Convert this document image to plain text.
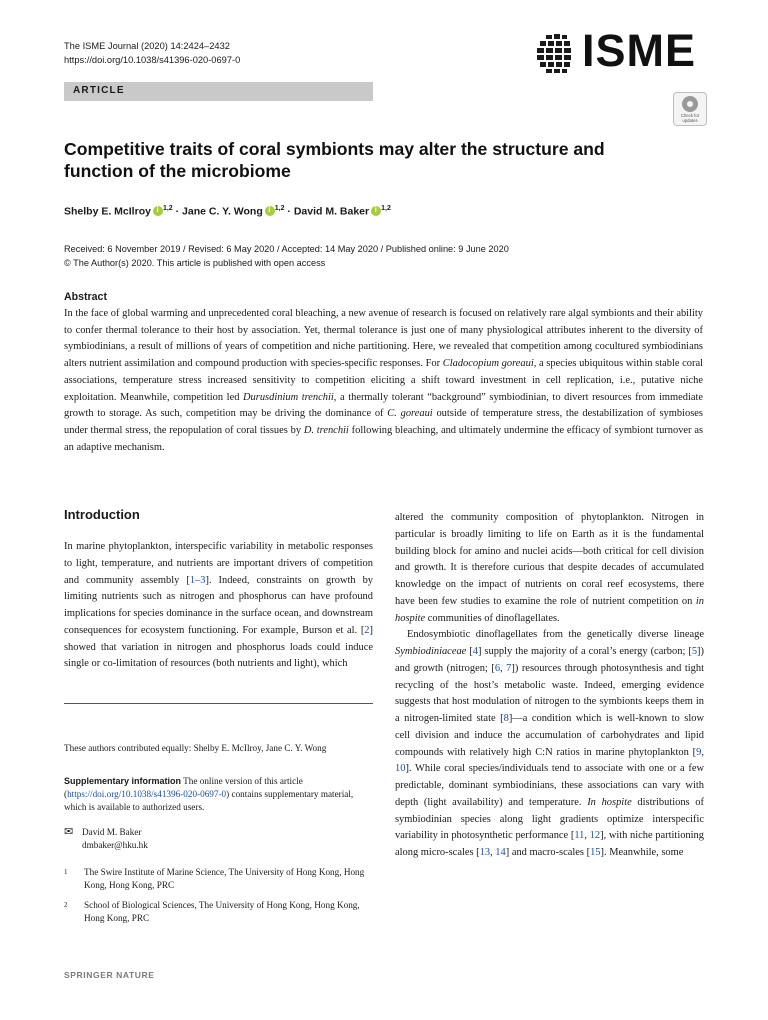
The ISME Journal (2020) 14:2424–2432
https://doi.org/10.1038/s41396-020-0697-0
ARTICLE
ISME
Check for updates
Competitive traits of coral symbionts may alter the structure and function of the microbiome
Shelby E. McIlroy i $^{1,2}$ · Jane C. Y. Wong i $^{1,2}$ · David M. Baker i $^{1,2}$
Received: 6 November 2019 / Revised: 6 May 2020 / Accepted: 14 May 2020 / Published online: 9 June 2020
© The Author(s) 2020. This article is published with open access
Abstract

In the face of global warming and unprecedented coral bleaching, a new avenue of research is focused on relatively rare algal symbionts and their ability to confer thermal tolerance to their host by association. Yet, thermal tolerance is just one of many physiological attributes inherent to the diversity of symbiodinians, a result of millions of years of competition and niche partitioning. Here, we revealed that competition among cocultured symbiodinians alters nutrient assimilation and compound production with species-specific responses. For Cladocopium goreaui, a species ubiquitous within stable coral associations, temperature stress increased sensitivity to competition eliciting a shift toward investment in cell replication, i.e., putative niche exploitation. Meanwhile, competition led Durusdinium trenchii, a thermally tolerant “background” symbiodinian, to divert resources from immediate growth to storage. As such, competition may be driving the dominance of C. goreaui outside of temperature stress, the destabilization of symbioses under thermal stress, the repopulation of coral tissues by D. trenchii following bleaching, and ultimately undermine the efficacy of symbiont turnover as an adaptive mechanism.

Introduction

In marine phytoplankton, interspecific variability in metabolic responses to light, temperature, and nutrients are important drivers of competition and community assembly [1–3]. Indeed, constraints on growth by limiting nutrients such as nitrogen and phosphorus can have profound implications for species dominance in the surface ocean, and downstream consequences for ecosystem functioning. For example, Burson et al. [2] showed that variation in nitrogen and phosphorus loads could induce single or co-limitation of resources (both nutrients and light), which

These authors contributed equally: Shelby E. McIlroy, Jane C. Y. Wong
Supplementary information The online version of this article (https://doi.org/10.1038/s41396-020-0697-0) contains supplementary material, which is available to authorized users.
✉ David M. Baker
dmbaker@hku.hk
1	The Swire Institute of Marine Science, The University of Hong Kong, Hong Kong, Hong Kong, PRC
2	School of Biological Sciences, The University of Hong Kong, Hong Kong, Hong Kong, PRC

altered the community composition of phytoplankton. Nitrogen in particular is broadly limiting to life on Earth as it is the fundamental building block for amino and nuclei acids—both critical for cell division and growth. It is therefore curious that despite decades of accumulated knowledge on the impact of nutrients on coral reef ecosystems, there have been few studies to examine the role of nutrient competition on in hospite communities of dinoflagellates.

Endosymbiotic dinoflagellates from the genetically diverse lineage Symbiodiniaceae [4] supply the majority of a coral’s energy (carbon; [5]) and growth (nitrogen; [6, 7]) resources through photosynthesis and tight recycling of the host’s metabolic waste. Indeed, emerging evidence suggests that host modulation of nitrogen to the symbionts keeps them in a nitrogen-limited state [8]—a condition which is well-known to slow cell division and induce the accumulation of carbohydrates and lipid compounds with relatively high C:N ratios in marine phytoplankton [9, 10]. While coral species/individuals tend to associate with one or a few predictable, dominant symbiodinians, these associations can vary with depth (light availability) and temperature. In hospite distributions of symbiodinian species along light gradients optimize interspecific variability in photosynthetic performance [11, 12], with niche partitioning along micro-scales [13, 14] and macro-scales [15]. Meanwhile, some

SPRINGER NATURE
